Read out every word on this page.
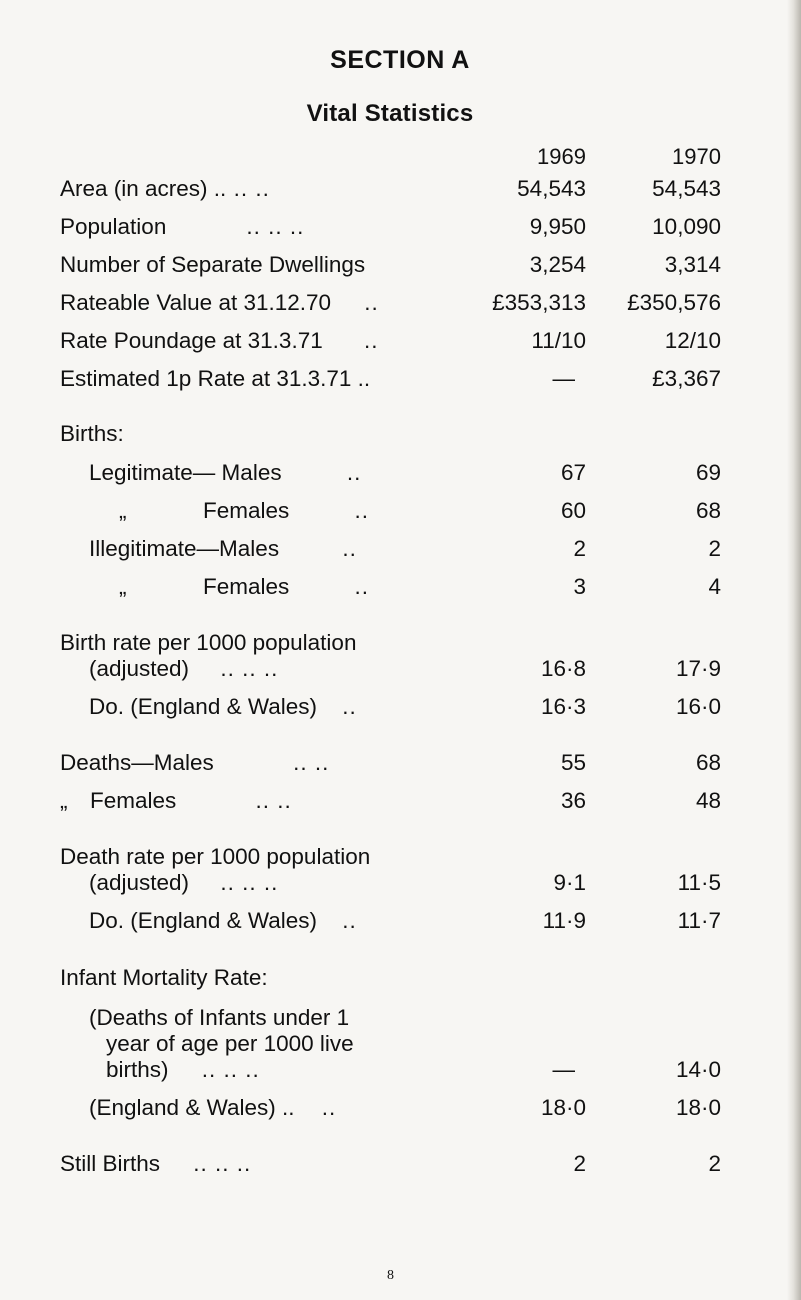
SECTION A
Vital Statistics
1969	1970
Area (in acres) .. .. ..	54,543	54,543
Population	.. .. ..	9,950	10,090
Number of Separate Dwellings	3,254	3,314
Rateable Value at 31.12.70 ..	£353,313 £350,576
Rate Poundage at 31.3.71 ..	11/10	12/10
Estimated 1p Rate at 31.3.71 ..	—	£3,367
Births:
Legitimate— Males	..	67	69
„	Females	..	60	68
Illegitimate—Males ..	2	2
„	Females	..	3	4
Birth rate per 1000 population
(adjusted) .. .. ..	16·8	17·9
Do. (England & Wales) ..	16·3	16·0
Deaths—Males	.. ..	55	68
„ Females	.. ..	36	48
Death rate per 1000 population
(adjusted) .. .. ..	9·1	11·5
Do. (England & Wales) ..	11·9	11·7
Infant Mortality Rate:
(Deaths of Infants under 1
year of age per 1000 live
births) .. .. ..	—	14·0
(England & Wales) .. ..	18·0	18·0
Still Births .. .. ..	2	2
8
